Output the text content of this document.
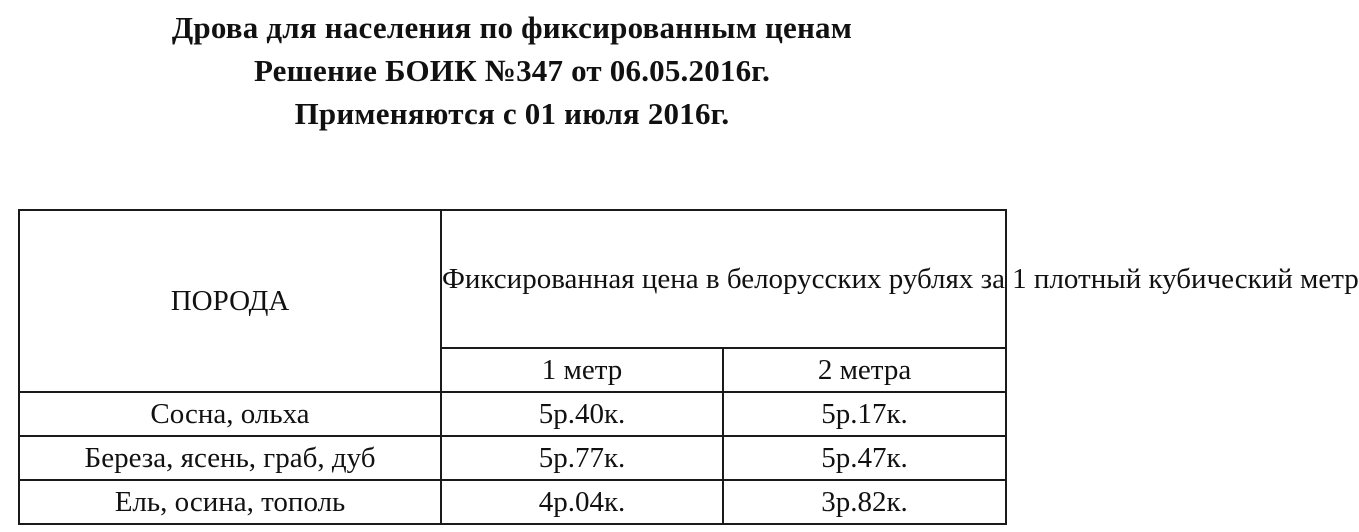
Дрова для населения по фиксированным ценам
Решение БОИК №347 от 06.05.2016г.
Применяются с 01 июля 2016г.
ПОРОДА	Фиксированная цена в белорусских рублях за 1 плотный кубический метр	
	1 метр	2 метра
Сосна, ольха	5р.40к.	5р.17к.
Береза, ясень, граб, дуб	5р.77к.	5р.47к.
Ель, осина, тополь	4р.04к.	3р.82к.
